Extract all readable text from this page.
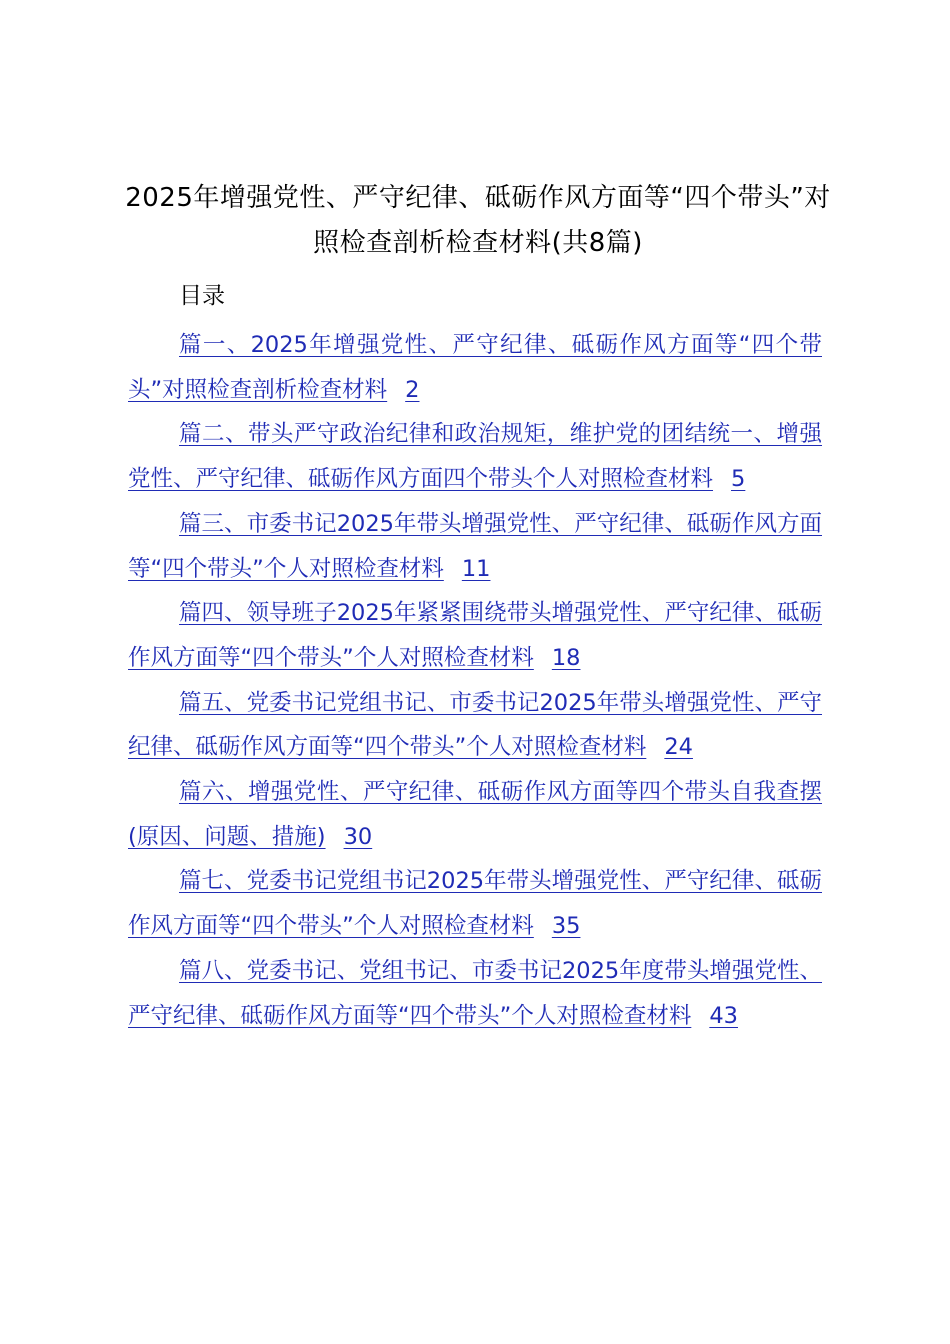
2025年增强党性、严守纪律、砥砺作风方面等“四个带头”对照检查剖析检查材料(共8篇)
目录

篇一、2025年增强党性、严守纪律、砥砺作风方面等“四个带头”对照检查剖析检查材料 2

篇二、带头严守政治纪律和政治规矩，维护党的团结统一、增强党性、严守纪律、砥砺作风方面四个带头个人对照检查材料 5

篇三、市委书记2025年带头增强党性、严守纪律、砥砺作风方面等“四个带头”个人对照检查材料 11

篇四、领导班子2025年紧紧围绕带头增强党性、严守纪律、砥砺作风方面等“四个带头”个人对照检查材料 18

篇五、党委书记党组书记、市委书记2025年带头增强党性、严守纪律、砥砺作风方面等“四个带头”个人对照检查材料 24

篇六、增强党性、严守纪律、砥砺作风方面等四个带头自我查摆(原因、问题、措施) 30

篇七、党委书记党组书记2025年带头增强党性、严守纪律、砥砺作风方面等“四个带头”个人对照检查材料 35

篇八、党委书记、党组书记、市委书记2025年度带头增强党性、严守纪律、砥砺作风方面等“四个带头”个人对照检查材料 43
